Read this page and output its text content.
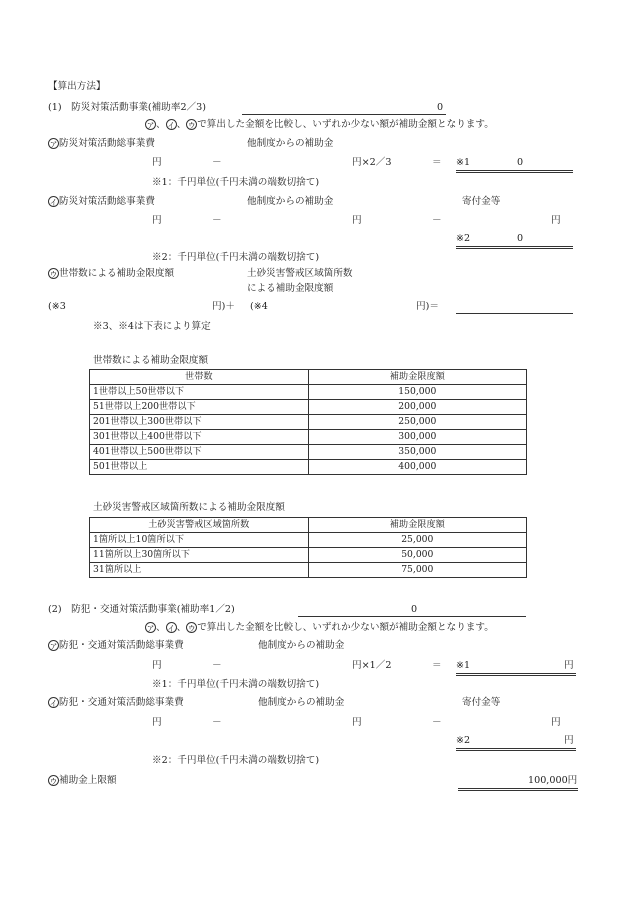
【算出方法】
(1)　防災対策活動事業(補助率2／3)	0
ア 、 イ 、 ウ で算出した金額を比較し、いずれか少ない額が補助金額となります。
ア 防災対策活動総事業費	他制度からの補助金
円	－	円×2／3	＝ ※1	0
※1：千円単位(千円未満の端数切捨て)
イ 防災対策活動総事業費	他制度からの補助金	寄付金等
円	－	円	－	円
※2	0
※2：千円単位(千円未満の端数切捨て)
ウ 世帯数による補助金限度額	土砂災害警戒区域箇所数
による補助金限度額
(※3	円)＋ (※4	円)＝
※3、※4は下表により算定
世帯数による補助金限度額
世帯数	補助金限度額
1世帯以上50世帯以下	150,000
51世帯以上200世帯以下	200,000
201世帯以上300世帯以下	250,000
301世帯以上400世帯以下	300,000
401世帯以上500世帯以下	350,000
501世帯以上	400,000
土砂災害警戒区域箇所数による補助金限度額
土砂災害警戒区域箇所数	補助金限度額
1箇所以上10箇所以下	25,000
11箇所以上30箇所以下	50,000
31箇所以上	75,000
(2)　防犯・交通対策活動事業(補助率1／2)	0
ア 、 イ 、 ウ で算出した金額を比較し、いずれか少ない額が補助金額となります。
ア 防犯・交通対策活動総事業費	他制度からの補助金
円	－	円×1／2	＝ ※1	円
※1：千円単位(千円未満の端数切捨て)
イ 防犯・交通対策活動総事業費	他制度からの補助金	寄付金等
円	－	円	－	円
※2	円
※2：千円単位(千円未満の端数切捨て)
ウ 補助金上限額	100,000円
